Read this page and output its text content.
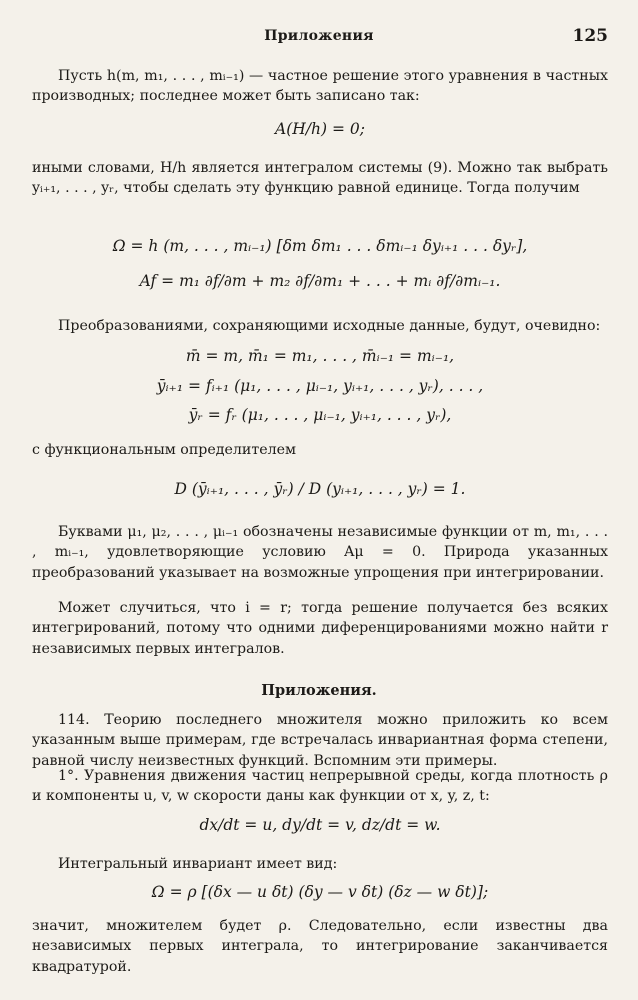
Приложения	125
Пусть h(m, m₁, . . . , mᵢ₋₁) — частное решение этого уравнения в частных производных; последнее может быть записано так:
A(H/h) = 0;
иными словами, H/h является интегралом системы (9). Можно так выбрать yᵢ₊₁, . . . , yᵣ, чтобы сделать эту функцию равной единице. Тогда получим
Ω = h (m, . . . , mᵢ₋₁) [δm δm₁ . . . δmᵢ₋₁ δyᵢ₊₁ . . . δyᵣ],
Af = m₁ ∂f/∂m + m₂ ∂f/∂m₁ + . . . + mᵢ ∂f/∂mᵢ₋₁.
Преобразованиями, сохраняющими исходные данные, будут, очевидно:
m̄ = m, m̄₁ = m₁, . . . , m̄ᵢ₋₁ = mᵢ₋₁,
ȳᵢ₊₁ = fᵢ₊₁ (μ₁, . . . , μᵢ₋₁, yᵢ₊₁, . . . , yᵣ), . . . ,
ȳᵣ = fᵣ (μ₁, . . . , μᵢ₋₁, yᵢ₊₁, . . . , yᵣ),
с функциональным определителем
D (ȳᵢ₊₁, . . . , ȳᵣ) / D (yᵢ₊₁, . . . , yᵣ) = 1.
Буквами μ₁, μ₂, . . . , μᵢ₋₁ обозначены независимые функции от m, m₁, . . . , mᵢ₋₁, удовлетворяющие условию Aμ = 0. Природа указанных преобразований указывает на возможные упрощения при интегрировании.
Может случиться, что i = r; тогда решение получается без всяких интегрирований, потому что одними диференцированиями можно найти r независимых первых интегралов.
Приложения.
114. Теорию последнего множителя можно приложить ко всем указанным выше примерам, где встречалась инвариантная форма степени, равной числу неизвестных функций. Вспомним эти примеры.
1°. Уравнения движения частиц непрерывной среды, когда плотность ρ и компоненты u, v, w скорости даны как функции от x, y, z, t:
dx/dt = u, dy/dt = v, dz/dt = w.
Интегральный инвариант имеет вид:
Ω = ρ [(δx — u δt) (δy — v δt) (δz — w δt)];
значит, множителем будет ρ. Следовательно, если известны два независимых первых интеграла, то интегрирование заканчивается квадратурой.
